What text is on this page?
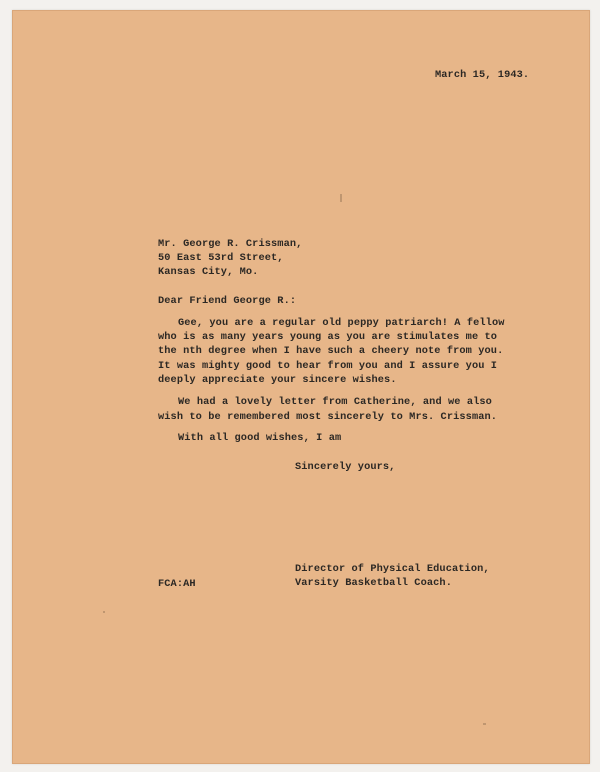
March 15, 1943.
Mr. George R. Crissman,
50 East 53rd Street,
Kansas City, Mo.
Dear Friend George R.:
Gee, you are a regular old peppy patriarch! A fellow
who is as many years young as you are stimulates me to
the nth degree when I have such a cheery note from you.
It was mighty good to hear from you and I assure you I
deeply appreciate your sincere wishes.
We had a lovely letter from Catherine, and we also
wish to be remembered most sincerely to Mrs. Crissman.
With all good wishes, I am
Sincerely yours,
Director of Physical Education,
Varsity Basketball Coach.
FCA:AH
